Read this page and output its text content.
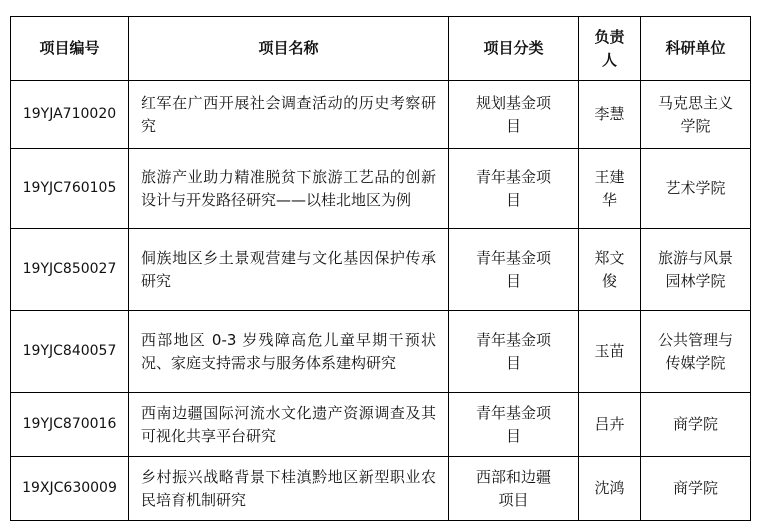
项目编号	项目名称	项目分类	负责人	科研单位
19YJA710020	红军在广西开展社会调查活动的历史考察研究	规划基金项目	李慧	马克思主义学院
19YJC760105	旅游产业助力精准脱贫下旅游工艺品的创新设计与开发路径研究——以桂北地区为例	青年基金项目	王建华	艺术学院
19YJC850027	侗族地区乡土景观营建与文化基因保护传承研究	青年基金项目	郑文俊	旅游与风景园林学院
19YJC840057	西部地区 0-3 岁残障高危儿童早期干预状况、家庭支持需求与服务体系建构研究	青年基金项目	玉苗	公共管理与传媒学院
19YJC870016	西南边疆国际河流水文化遗产资源调查及其可视化共享平台研究	青年基金项目	吕卉	商学院
19XJC630009	乡村振兴战略背景下桂滇黔地区新型职业农民培育机制研究	西部和边疆项目	沈鸿	商学院
